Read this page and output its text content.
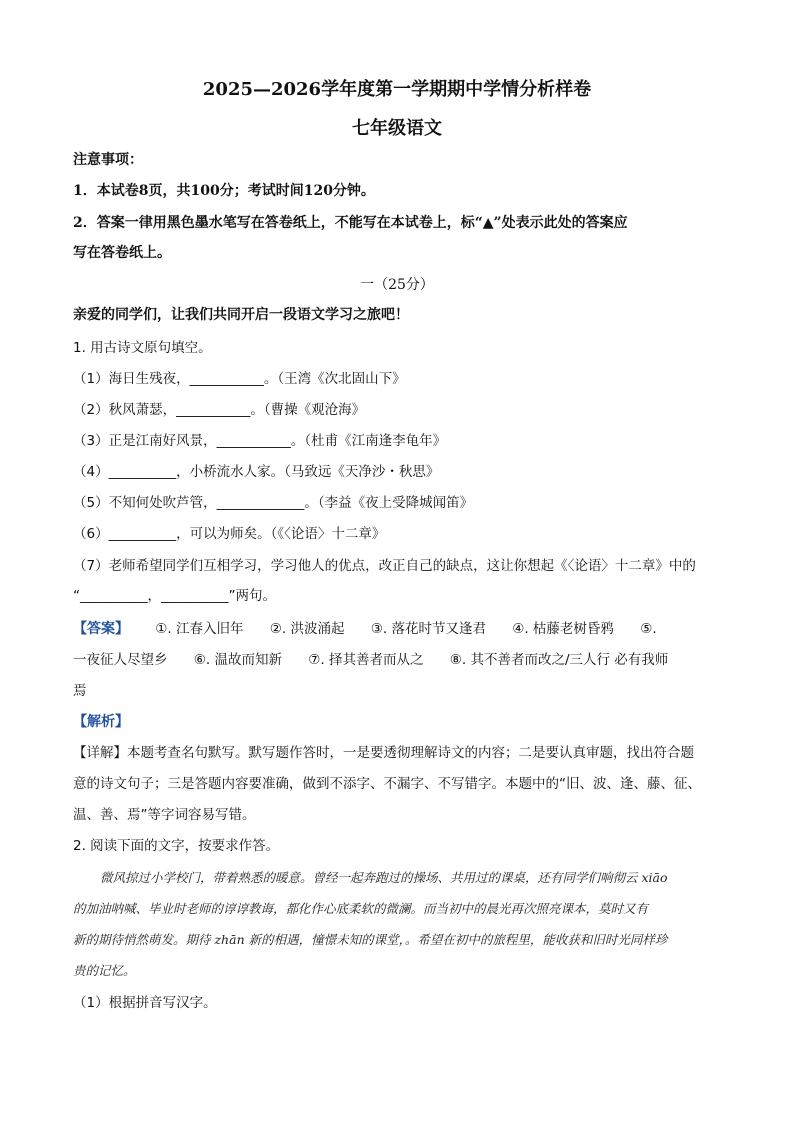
2025—2026学年度第一学期期中学情分析样卷
七年级语文
注意事项：
1．本试卷8页，共100分；考试时间120分钟。
2．答案一律用黑色墨水笔写在答卷纸上，不能写在本试卷上，标“▲”处表示此处的答案应
写在答卷纸上。
一（25分）
亲爱的同学们，让我们共同开启一段语文学习之旅吧！
1. 用古诗文原句填空。
（1）海日生残夜，___________。（王湾《次北固山下》
（2）秋风萧瑟，___________。（曹操《观沧海》
（3）正是江南好风景，___________。（杜甫《江南逢李龟年》
（4）__________，小桥流水人家。（马致远《天净沙・秋思》
（5）不知何处吹芦管，_____________。（李益《夜上受降城闻笛》
（6）__________，可以为师矣。（《〈论语〉十二章》
（7）老师希望同学们互相学习，学习他人的优点，改正自己的缺点，这让你想起《〈论语〉十二章》中的
“__________，__________”两句。
【答案】 ①. 江春入旧年 ②. 洪波涌起 ③. 落花时节又逢君 ④. 枯藤老树昏鸦 ⑤.
一夜征人尽望乡 ⑥. 温故而知新 ⑦. 择其善者而从之 ⑧. 其不善者而改之/三人行 必有我师
焉
【解析】
【详解】本题考查名句默写。默写题作答时，一是要透彻理解诗文的内容；二是要认真审题，找出符合题
意的诗文句子；三是答题内容要准确，做到不添字、不漏字、不写错字。本题中的“旧、波、逢、藤、征、
温、善、焉”等字词容易写错。
2. 阅读下面的文字，按要求作答。
微风掠过小学校门，带着熟悉的暖意。曾经一起奔跑过的操场、共用过的课桌，还有同学们响彻云 xiāo
的加油呐喊、毕业时老师的谆谆教诲，都化作心底柔软的微澜。而当初中的晨光再次照亮课本，莫时又有
新的期待悄然萌发。期待 zhān 新的相遇，憧憬未知的课堂，。希望在初中的旅程里，能收获和旧时光同样珍
贵的记忆。
（1）根据拼音写汉字。
